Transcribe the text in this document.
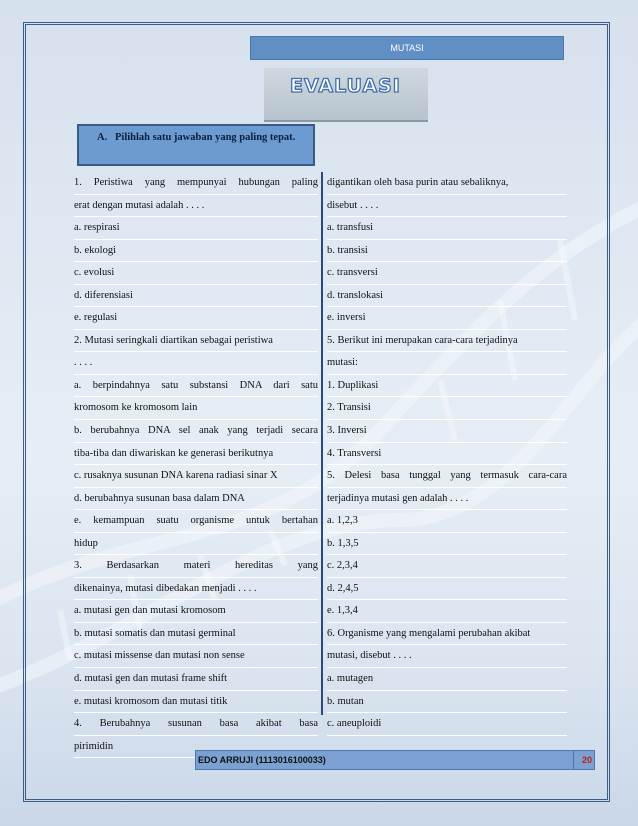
MUTASI
EVALUASI
A. Pilihlah satu jawaban yang paling tepat.
1. Peristiwa yang mempunyai hubungan paling
erat dengan mutasi adalah . . . .
a. respirasi
b. ekologi
c. evolusi
d. diferensiasi
e. regulasi
2. Mutasi seringkali diartikan sebagai peristiwa
. . . .
a. berpindahnya satu substansi DNA dari satu
kromosom ke kromosom lain
b. berubahnya DNA sel anak yang terjadi secara
tiba-tiba dan diwariskan ke generasi berikutnya
c. rusaknya susunan DNA karena radiasi sinar X
d. berubahnya susunan basa dalam DNA
e. kemampuan suatu organisme untuk bertahan
hidup
3. Berdasarkan materi hereditas yang
dikenainya, mutasi dibedakan menjadi . . . .
a. mutasi gen dan mutasi kromosom
b. mutasi somatis dan mutasi germinal
c. mutasi missense dan mutasi non sense
d. mutasi gen dan mutasi frame shift
e. mutasi kromosom dan mutasi titik
4. Berubahnya susunan basa akibat basa
pirimidin
digantikan oleh basa purin atau sebaliknya,
disebut . . . .
a. transfusi
b. transisi
c. transversi
d. translokasi
e. inversi
5. Berikut ini merupakan cara-cara terjadinya
mutasi:
1. Duplikasi
2. Transisi
3. Inversi
4. Transversi
5. Delesi basa tunggal yang termasuk cara-cara
terjadinya mutasi gen adalah . . . .
a. 1,2,3
b. 1,3,5
c. 2,3,4
d. 2,4,5
e. 1,3,4
6. Organisme yang mengalami perubahan akibat
mutasi, disebut . . . .
a. mutagen
b. mutan
c. aneuploidi
EDO ARRUJI (1113016100033)	20
